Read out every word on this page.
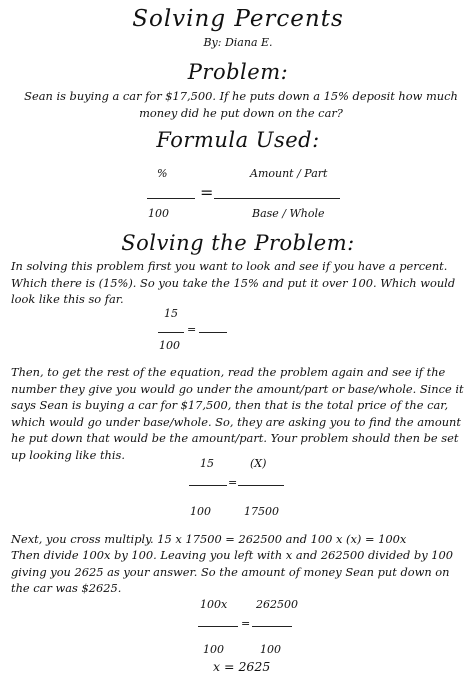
Solving Percents
By: Diana E.
Problem:
Sean is buying a car for $17,500. If he puts down a 15% deposit how much money did he put down on the car?
Formula Used:
%	Amount / Part
=
100	Base / Whole
Solving the Problem:
In solving this problem first you want to look and see if you have a percent. Which there is (15%). So you take the 15% and put it over 100. Which would look like this so far.
15
=
100
Then, to get the rest of the equation, read the problem again and see if the number they give you would go under the amount/part or base/whole. Since it says Sean is buying a car for $17,500, then that is the total price of the car, which would go under base/whole. So, they are asking you to find the amount he put down that would be the amount/part. Your problem should then be set up looking like this.
15	(X)
=
100	17500
Next, you cross multiply. 15 x 17500 = 262500 and 100 x (x) = 100x
Then divide 100x by 100. Leaving you left with x and 262500 divided by 100 giving you 2625 as your answer. So the amount of money Sean put down on the car was $2625.
100x	262500
=
100	100
x = 2625
